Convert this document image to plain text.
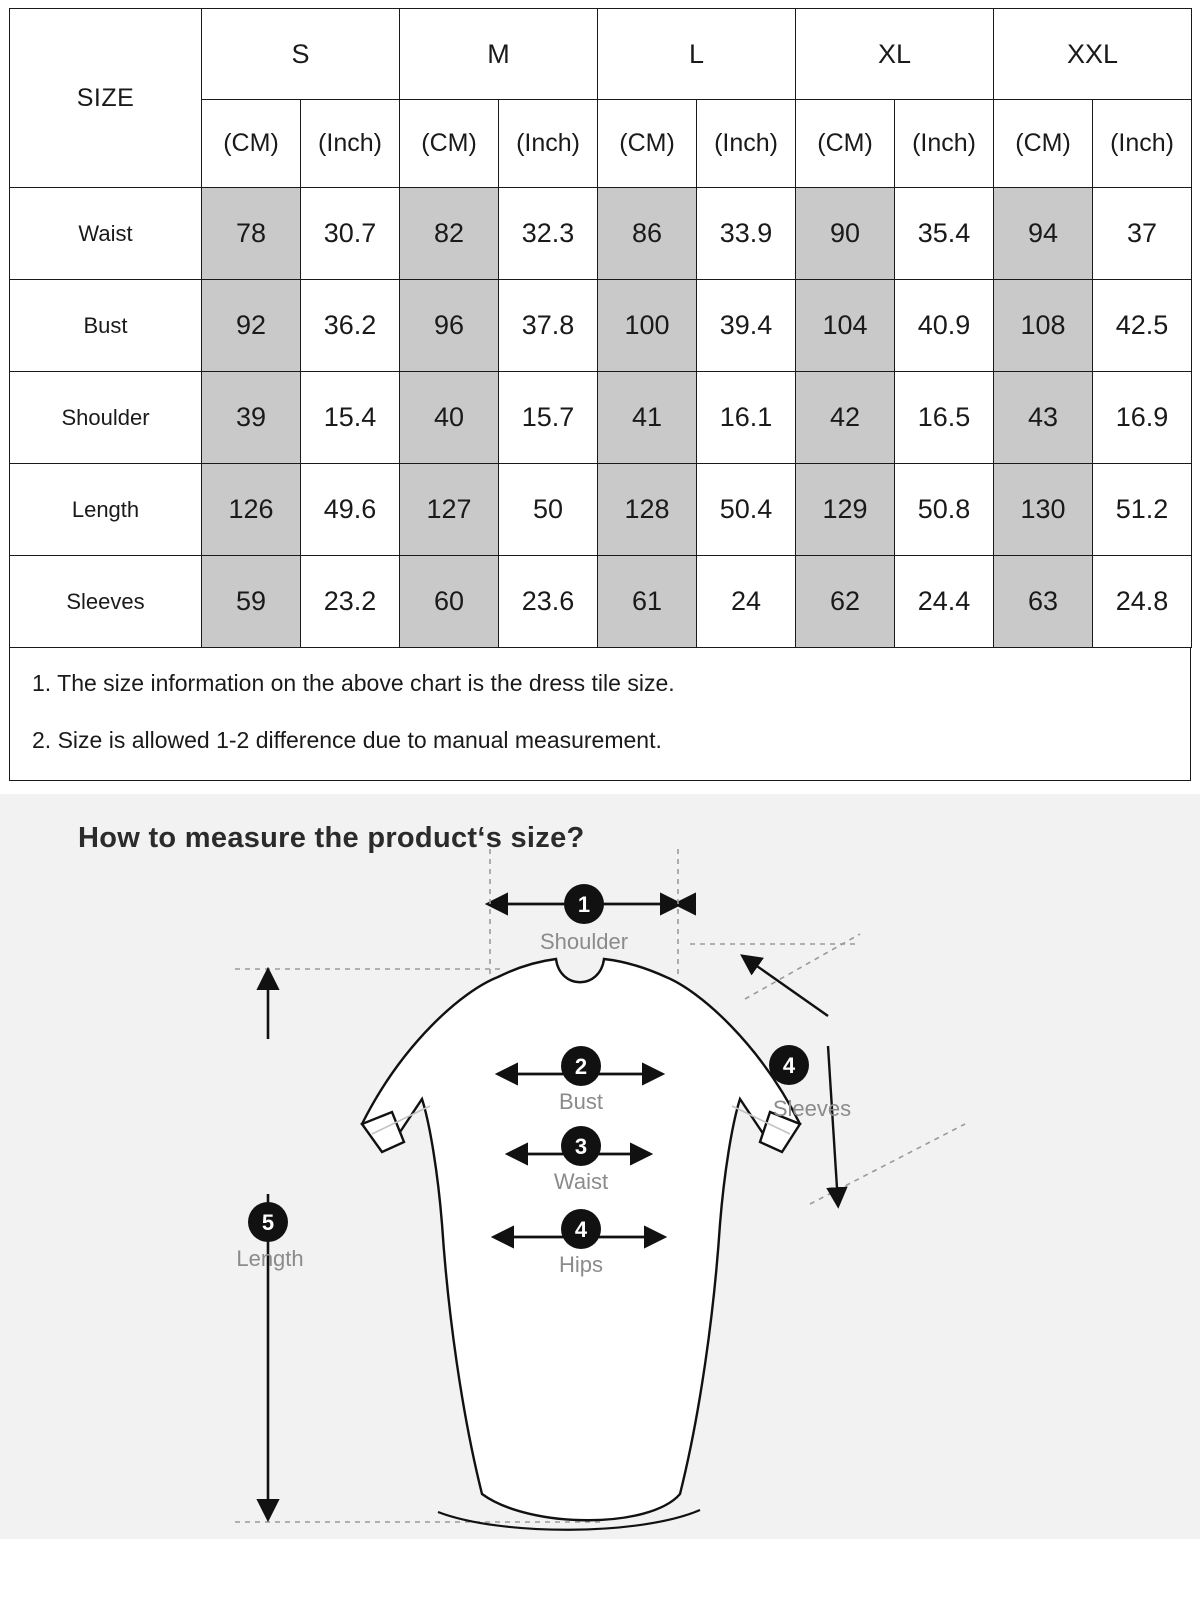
SIZE	S		M		L		XL		XXL	
	(CM)	(Inch)	(CM)	(Inch)	(CM)	(Inch)	(CM)	(Inch)	(CM)	(Inch)
Waist	78	30.7	82	32.3	86	33.9	90	35.4	94	37
Bust	92	36.2	96	37.8	100	39.4	104	40.9	108	42.5
Shoulder	39	15.4	40	15.7	41	16.1	42	16.5	43	16.9
Length	126	49.6	127	50	128	50.4	129	50.8	130	51.2
Sleeves	59	23.2	60	23.6	61	24	62	24.4	63	24.8

1. The size information on the above chart is the dress tile size.

2. Size is allowed 1-2 difference due to manual measurement.

How to measure the product‘s size?
1
Shoulder
2
Bust
3
Waist
4
Hips
4
Sleeves
5
Length
